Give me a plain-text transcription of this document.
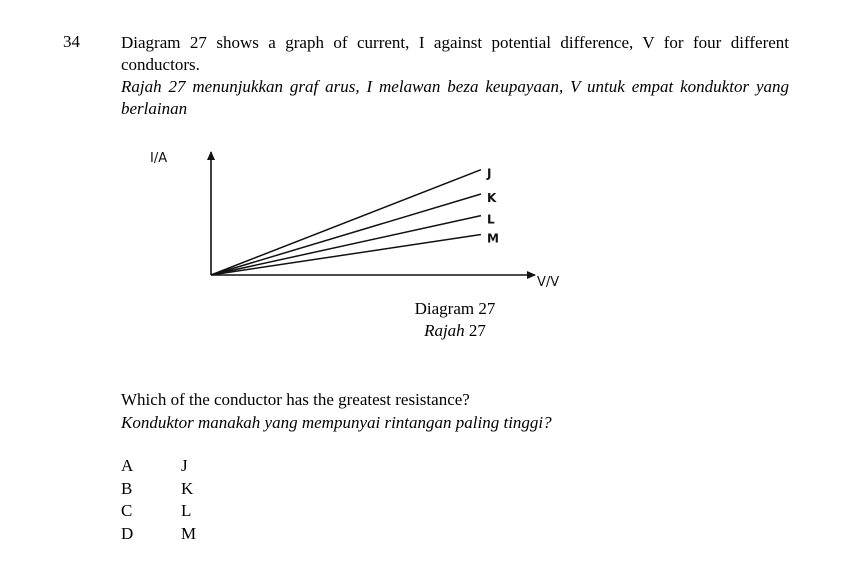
34 Diagram 27 shows a graph of current, I against potential difference, V for four different conductors.

Rajah 27 menunjukkan graf arus, I melawan beza keupayaan, V untuk empat konduktor yang berlainan

I/A
V/V
J
K
L
M
Diagram 27
Rajah 27

Which of the conductor has the greatest resistance?

Konduktor manakah yang mempunyai rintangan paling tinggi?

A	J
B	K
C	L
D	M
